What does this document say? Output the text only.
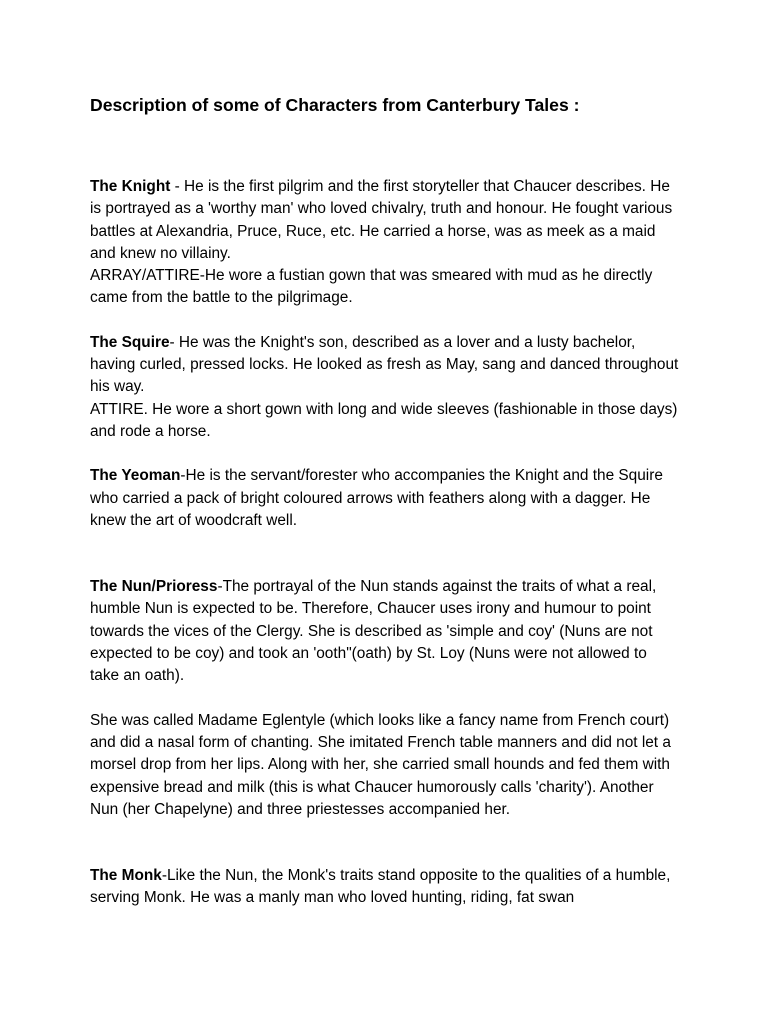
Description of some of Characters from Canterbury Tales :

The Knight - He is the first pilgrim and the first storyteller that Chaucer describes. He is portrayed as a 'worthy man' who loved chivalry, truth and honour. He fought various battles at Alexandria, Pruce, Ruce, etc. He carried a horse, was as meek as a maid and knew no villainy.

ARRAY/ATTIRE-He wore a fustian gown that was smeared with mud as he directly came from the battle to the pilgrimage.

The Squire- He was the Knight's son, described as a lover and a lusty bachelor, having curled, pressed locks. He looked as fresh as May, sang and danced throughout his way.

ATTIRE. He wore a short gown with long and wide sleeves (fashionable in those days) and rode a horse.

The Yeoman-He is the servant/forester who accompanies the Knight and the Squire who carried a pack of bright coloured arrows with feathers along with a dagger. He knew the art of woodcraft well.

The Nun/Prioress-The portrayal of the Nun stands against the traits of what a real, humble Nun is expected to be. Therefore, Chaucer uses irony and humour to point towards the vices of the Clergy. She is described as 'simple and coy' (Nuns are not expected to be coy) and took an 'ooth"(oath) by St. Loy (Nuns were not allowed to take an oath).

She was called Madame Eglentyle (which looks like a fancy name from French court) and did a nasal form of chanting. She imitated French table manners and did not let a morsel drop from her lips. Along with her, she carried small hounds and fed them with expensive bread and milk (this is what Chaucer humorously calls 'charity'). Another Nun (her Chapelyne) and three priestesses accompanied her.

The Monk-Like the Nun, the Monk's traits stand opposite to the qualities of a humble, serving Monk. He was a manly man who loved hunting, riding, fat swan
